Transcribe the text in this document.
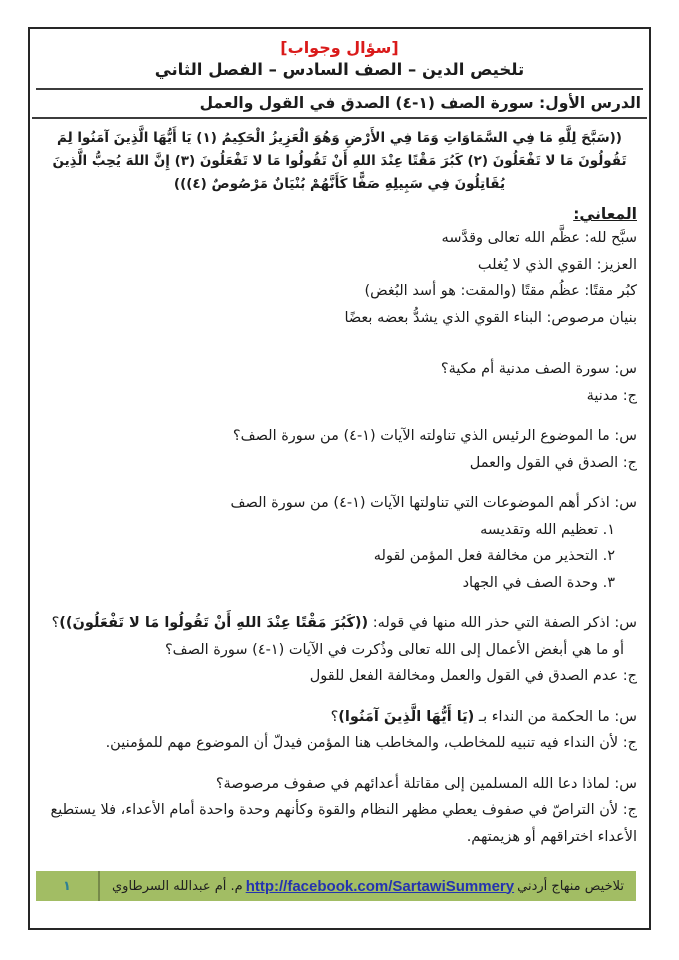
[سؤال وجواب]
تلخيص الدين – الصف السادس – الفصل الثاني
الدرس الأول: سورة الصف (١-٤) الصدق في القول والعمل
((سَبَّحَ لِلَّهِ مَا فِي السَّمَاوَاتِ وَمَا فِي الأَرْضِ وَهُوَ الْعَزِيزُ الْحَكِيمُ (١) يَا أَيُّهَا الَّذِينَ آمَنُوا لِمَ تَقُولُونَ مَا لا تَفْعَلُونَ (٢) كَبُرَ مَقْتًا عِنْدَ اللهِ أَنْ تَقُولُوا مَا لا تَفْعَلُونَ (٣) إِنَّ اللهَ يُحِبُّ الَّذِينَ يُقَاتِلُونَ فِي سَبِيلِهِ صَفًّا كَأَنَّهُمْ بُنْيَانٌ مَرْصُوصٌ (٤)))
المعاني:
سبَّح لله: عظَّم الله تعالى وقدَّسه
العزيز: القوي الذي لا يُغلب
كبُر مقتًا: عظُم مقتًا (والمقت: هو أسد البُغض)
بنيان مرصوص: البناء القوي الذي يشدُّ بعضه بعضًا
س: سورة الصف مدنية أم مكية؟
ج: مدنية
س: ما الموضوع الرئيس الذي تناولته الآيات (١-٤) من سورة الصف؟
ج: الصدق في القول والعمل
س: اذكر أهم الموضوعات التي تناولتها الآيات (١-٤) من سورة الصف
١. تعظيم الله وتقديسه
٢. التحذير من مخالفة فعل المؤمن لقوله
٣. وحدة الصف في الجهاد
س: اذكر الصفة التي حذر الله منها في قوله: ((كَبُرَ مَقْتًا عِنْدَ اللهِ أَنْ تَقُولُوا مَا لا تَفْعَلُونَ))؟
أو ما هي أبغض الأعمال إلى الله تعالى وذُكرت في الآيات (١-٤) سورة الصف؟
ج: عدم الصدق في القول والعمل ومخالفة الفعل للقول
س: ما الحكمة من النداء بـ (يَا أَيُّهَا الَّذِينَ آمَنُوا)؟
ج: لأن النداء فيه تنبيه للمخاطب، والمخاطب هنا المؤمن فيدلّ أن الموضوع مهم للمؤمنين.
س: لماذا دعا الله المسلمين إلى مقاتلة أعدائهم في صفوف مرصوصة؟
ج: لأن التراصّ في صفوف يعطي مظهر النظام والقوة وكأنهم وحدة واحدة أمام الأعداء، فلا يستطيع الأعداء اختراقهم أو هزيمتهم.
تلاخيص منهاج أردني
http://facebook.com/SartawiSummery
م. أم عبدالله السرطاوي
١
